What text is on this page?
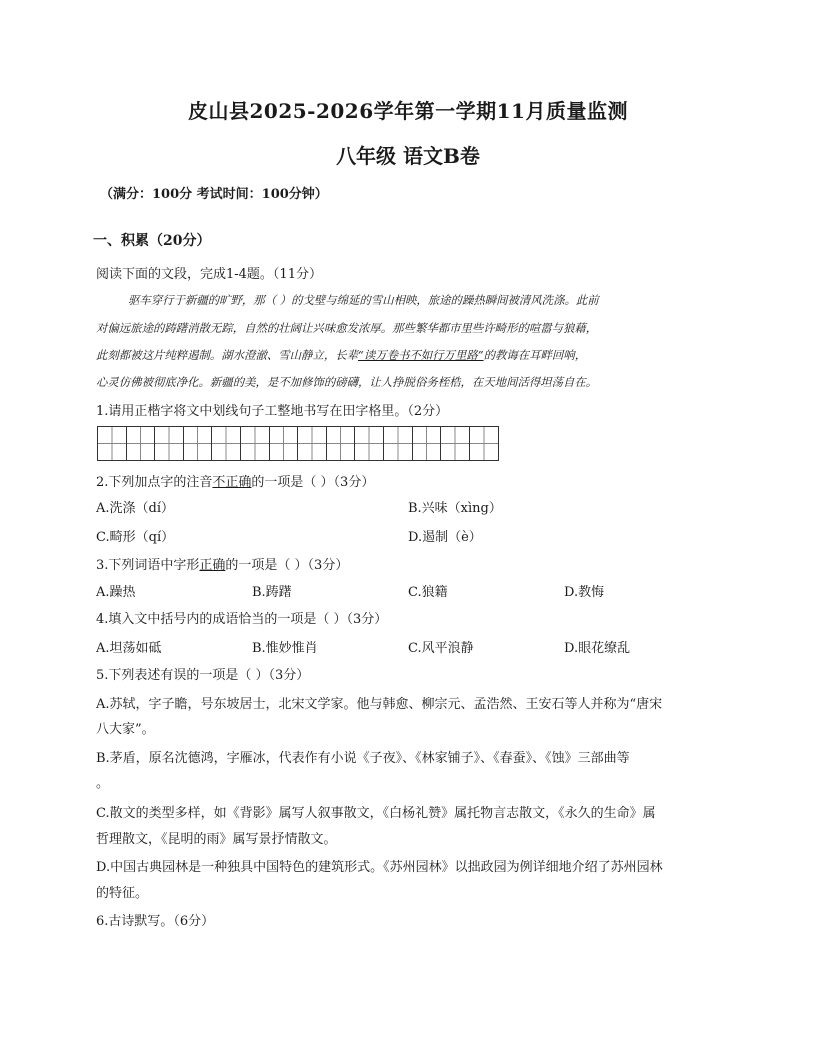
皮山县2025-2026学年第一学期11月质量监测
八年级 语文B卷
（满分：100分 考试时间：100分钟）
一、积累（20分）
阅读下面的文段，完成1-4题。（11分）
驱车穿行于新疆的旷野，那（ ）的戈壁与绵延的雪山相映，旅途的躁热瞬间被清风洗涤。此前
对偏远旅途的踌躇消散无踪，自然的壮阔让兴味愈发浓厚。那些繁华都市里些许畸形的喧嚣与狼藉，
此刻都被这片纯粹遏制。湖水澄澈、雪山静立，长辈“读万卷书不如行万里路”的教诲在耳畔回响，
心灵仿佛被彻底净化。新疆的美，是不加修饰的磅礴，让人挣脱俗务桎梏，在天地间活得坦荡自在。
1.请用正楷字将文中划线句子工整地书写在田字格里。（2分）
2.下列加点字的注音不正确的一项是（ ）（3分）
A.洗涤（dí）	B.兴味（xìng）
C.畸形（qí）	D.遏制（è）
3.下列词语中字形正确的一项是（ ）（3分）
A.躁热	B.踌躇	C.狼籍	D.教悔
4.填入文中括号内的成语恰当的一项是（ ）（3分）
A.坦荡如砥	B.惟妙惟肖	C.风平浪静	D.眼花缭乱
5.下列表述有误的一项是（ ）（3分）
A.苏轼，字子瞻，号东坡居士，北宋文学家。他与韩愈、柳宗元、孟浩然、王安石等人并称为“唐宋
八大家”。
B.茅盾，原名沈德鸿，字雁冰，代表作有小说《子夜》、《林家铺子》、《春蚕》、《蚀》三部曲等
。
C.散文的类型多样，如《背影》属写人叙事散文，《白杨礼赞》属托物言志散文，《永久的生命》属
哲理散文，《昆明的雨》属写景抒情散文。
D.中国古典园林是一种独具中国特色的建筑形式。《苏州园林》以拙政园为例详细地介绍了苏州园林
的特征。
6.古诗默写。（6分）
